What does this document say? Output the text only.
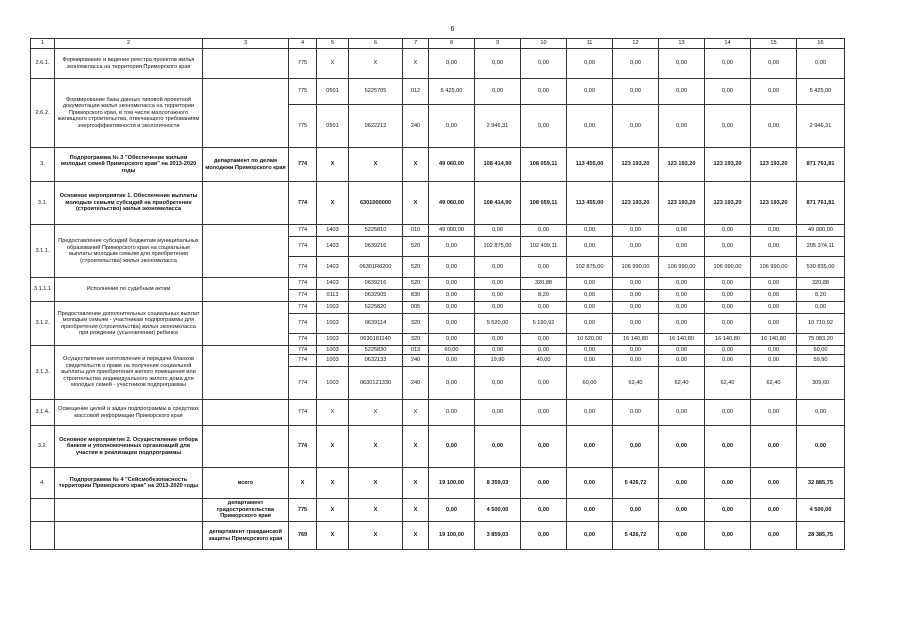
6
1	2	3	4	5	6	7	8	9	10	11	12	13	14	15	16
2.6.1.	Формирование и ведение реестра проектов жилья экономкласса на территории Приморского края		775	X	X	X	0,00	0,00	0,00	0,00	0,00	0,00	0,00	0,00	0,00
2.6.2.	Формирование базы данных типовой проектной документации жилья экономкласса на территории Приморского края, в том числе малоэтажного жилищного строительства, отвечающего требованиям энергоэффективности и экологичности		775	0501	5225705	012	5 425,00	0,00	0,00	0,00	0,00	0,00	0,00	0,00	5 425,00
			775	0501	0622212	240	0,00	2 946,31	0,00	0,00	0,00	0,00	0,00	0,00	2 946,31
3.	Подпрограмма № 3 "Обеспечение жильем молодых семей Приморского края" на 2013-2020 годы	департамент по делам молодежи Приморского края	774	X	X	X	49 060,00	108 414,90	108 059,11	113 455,00	123 193,20	123 193,20	123 193,20	123 193,20	871 761,81
3.1.	Основное мероприятие 1. Обеспечение выплаты молодым семьям субсидий на приобретение (строительство) жилья экономкласса		774	X	6301000000	X	49 060,00	108 414,90	108 059,11	113 455,00	123 193,20	123 193,20	123 193,20	123 193,20	871 761,81
3.1.1.	Предоставление субсидий бюджетам муниципальных образований Приморского края на социальные выплаты молодым семьям для приобретения (строительства) жилья экономкласса		774	1403	5225810	010	49 000,00	0,00	0,00	0,00	0,00	0,00	0,00	0,00	49 000,00
			774	1403	0639216	520	0,00	102 875,00	102 499,11	0,00	0,00	0,00	0,00	0,00	205 374,11
			774	1403	06301R0200	520	0,00	0,00	0,00	102 875,00	106 990,00	106 990,00	106 990,00	106 990,00	530 835,00
3.1.1.1	Исполнение по судебным актам		774	1403	0639216	520	0,00	0,00	320,88	0,00	0,00	0,00	0,00	0,00	320,88
			774	0113	0632905	830	0,00	0,00	8,20	0,00	0,00	0,00	0,00	0,00	8,20
3.1.2.	Предоставление дополнительных социальных выплат молодым семьям - участникам подпрограммы для приобретения (строительства) жилья экономкласса при рождении (усыновлении) ребенка		774	1003	5225820	005	0,00	0,00	0,00	0,00	0,00	0,00	0,00	0,00	0,00
			774	1003	0639114	320	0,00	5 520,00	5 190,92	0,00	0,00	0,00	0,00	0,00	10 710,92
			774	1003	0630181140	320	0,00	0,00	0,00	10 520,00	16 140,80	16 140,80	16 140,80	16 140,80	75 083,20
3.1.3.	Осуществление изготовления и передачи бланков свидетельств о праве на получение социальной выплаты для приобретения жилого помещения или строительства индивидуального жилого дома для молодых семей - участников подпрограммы		774	1003	5225830	013	60,00	0,00	0,00	0,00	0,00	0,00	0,00	0,00	60,00
			774	1003	0632133	240	0,00	19,90	40,00	0,00	0,00	0,00	0,00	0,00	59,90
			774	1003	0630121330	240	0,00	0,00	0,00	60,00	62,40	62,40	62,40	62,40	309,60
3.1.4.	Освещение целей и задач подпрограммы в средствах массовой информации Приморского края		774	X	X	X	0,00	0,00	0,00	0,00	0,00	0,00	0,00	0,00	0,00
3.2.	Основное мероприятие 2. Осуществление отбора банков и уполномоченных организаций для участия в реализации подпрограммы		774	X	X	X	0,00	0,00	0,00	0,00	0,00	0,00	0,00	0,00	0,00
4.	Подпрограмма № 4 "Сейсмобезопасность территории Приморского края" на 2013-2020 годы	всего	X	X	X	X	19 100,00	8 359,03	0,00	0,00	5 426,72	0,00	0,00	0,00	32 885,75
		департамент градостроительства Приморского края	775	X	X	X	0,00	4 500,00	0,00	0,00	0,00	0,00	0,00	0,00	4 500,00
		департамент гражданской защиты Приморского края	769	X	X	X	19 100,00	3 859,03	0,00	0,00	5 426,72	0,00	0,00	0,00	28 385,75
